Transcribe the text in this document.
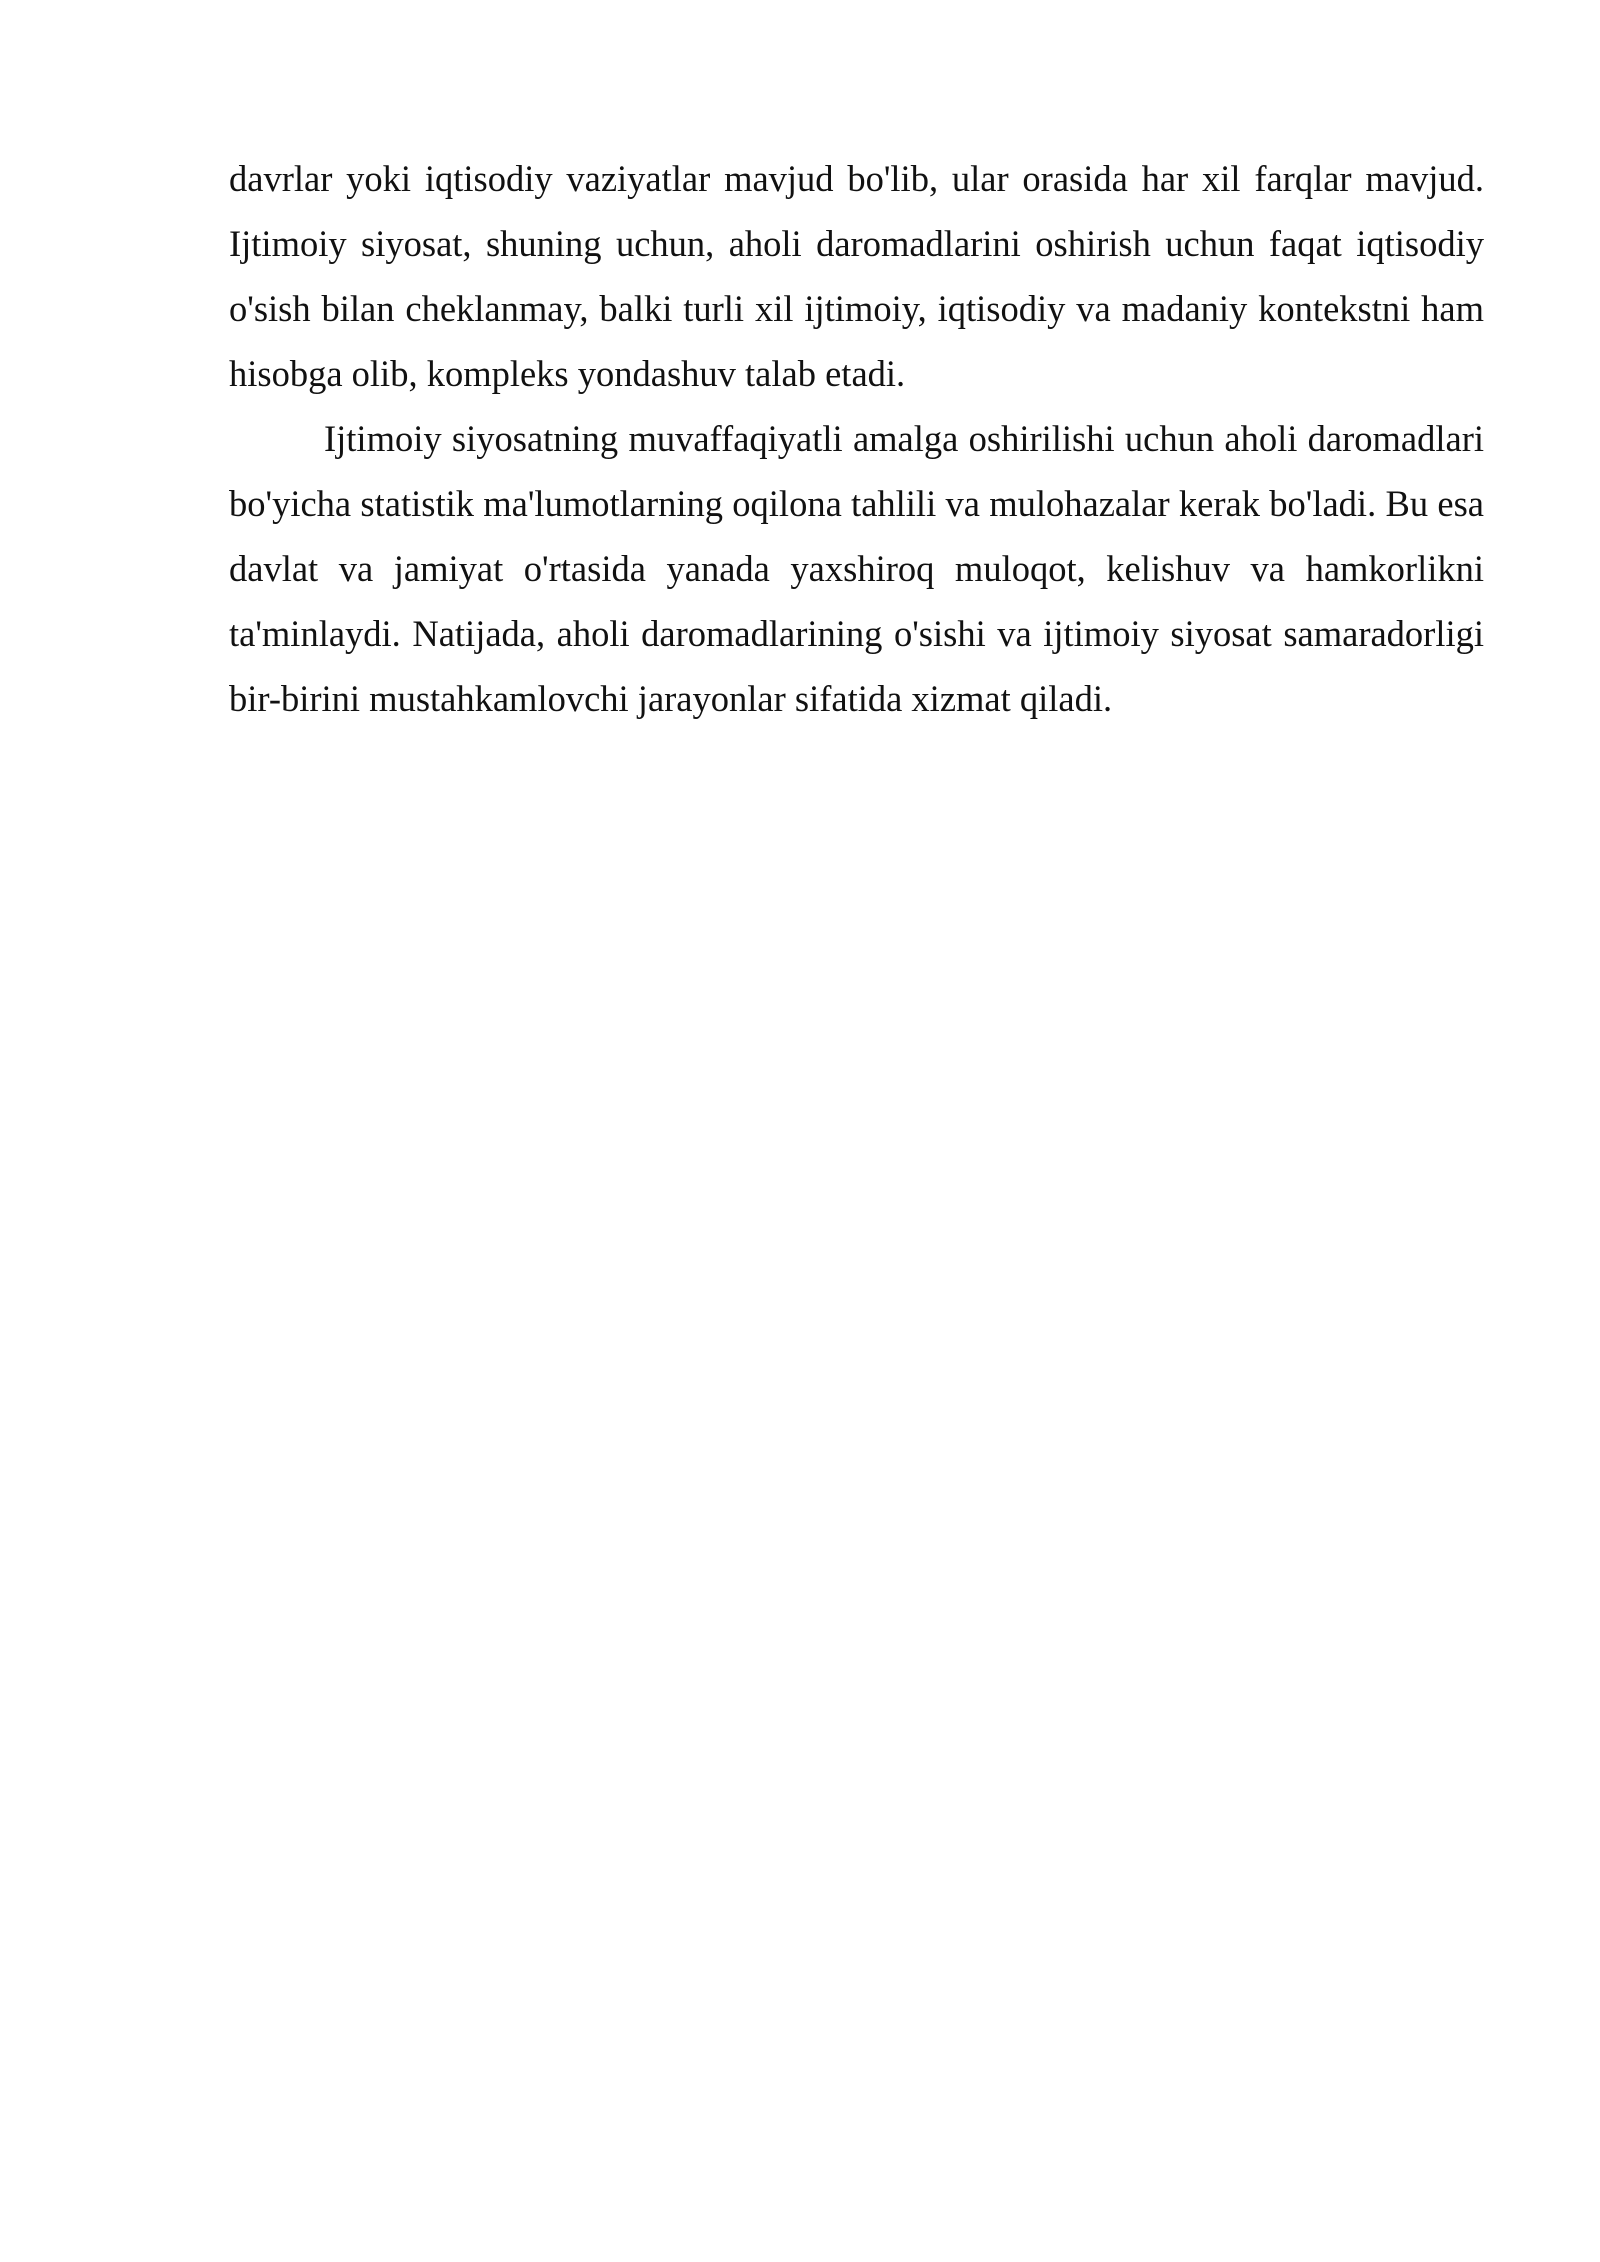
davrlar yoki iqtisodiy vaziyatlar mavjud bo'lib, ular orasida har xil farqlar mavjud. Ijtimoiy siyosat, shuning uchun, aholi daromadlarini oshirish uchun faqat iqtisodiy o'sish bilan cheklanmay, balki turli xil ijtimoiy, iqtisodiy va madaniy kontekstni ham hisobga olib, kompleks yondashuv talab etadi.

Ijtimoiy siyosatning muvaffaqiyatli amalga oshirilishi uchun aholi daromadlari bo'yicha statistik ma'lumotlarning oqilona tahlili va mulohazalar kerak bo'ladi. Bu esa davlat va jamiyat o'rtasida yanada yaxshiroq muloqot, kelishuv va hamkorlikni ta'minlaydi. Natijada, aholi daromadlarining o'sishi va ijtimoiy siyosat samaradorligi bir-birini mustahkamlovchi jarayonlar sifatida xizmat qiladi.
